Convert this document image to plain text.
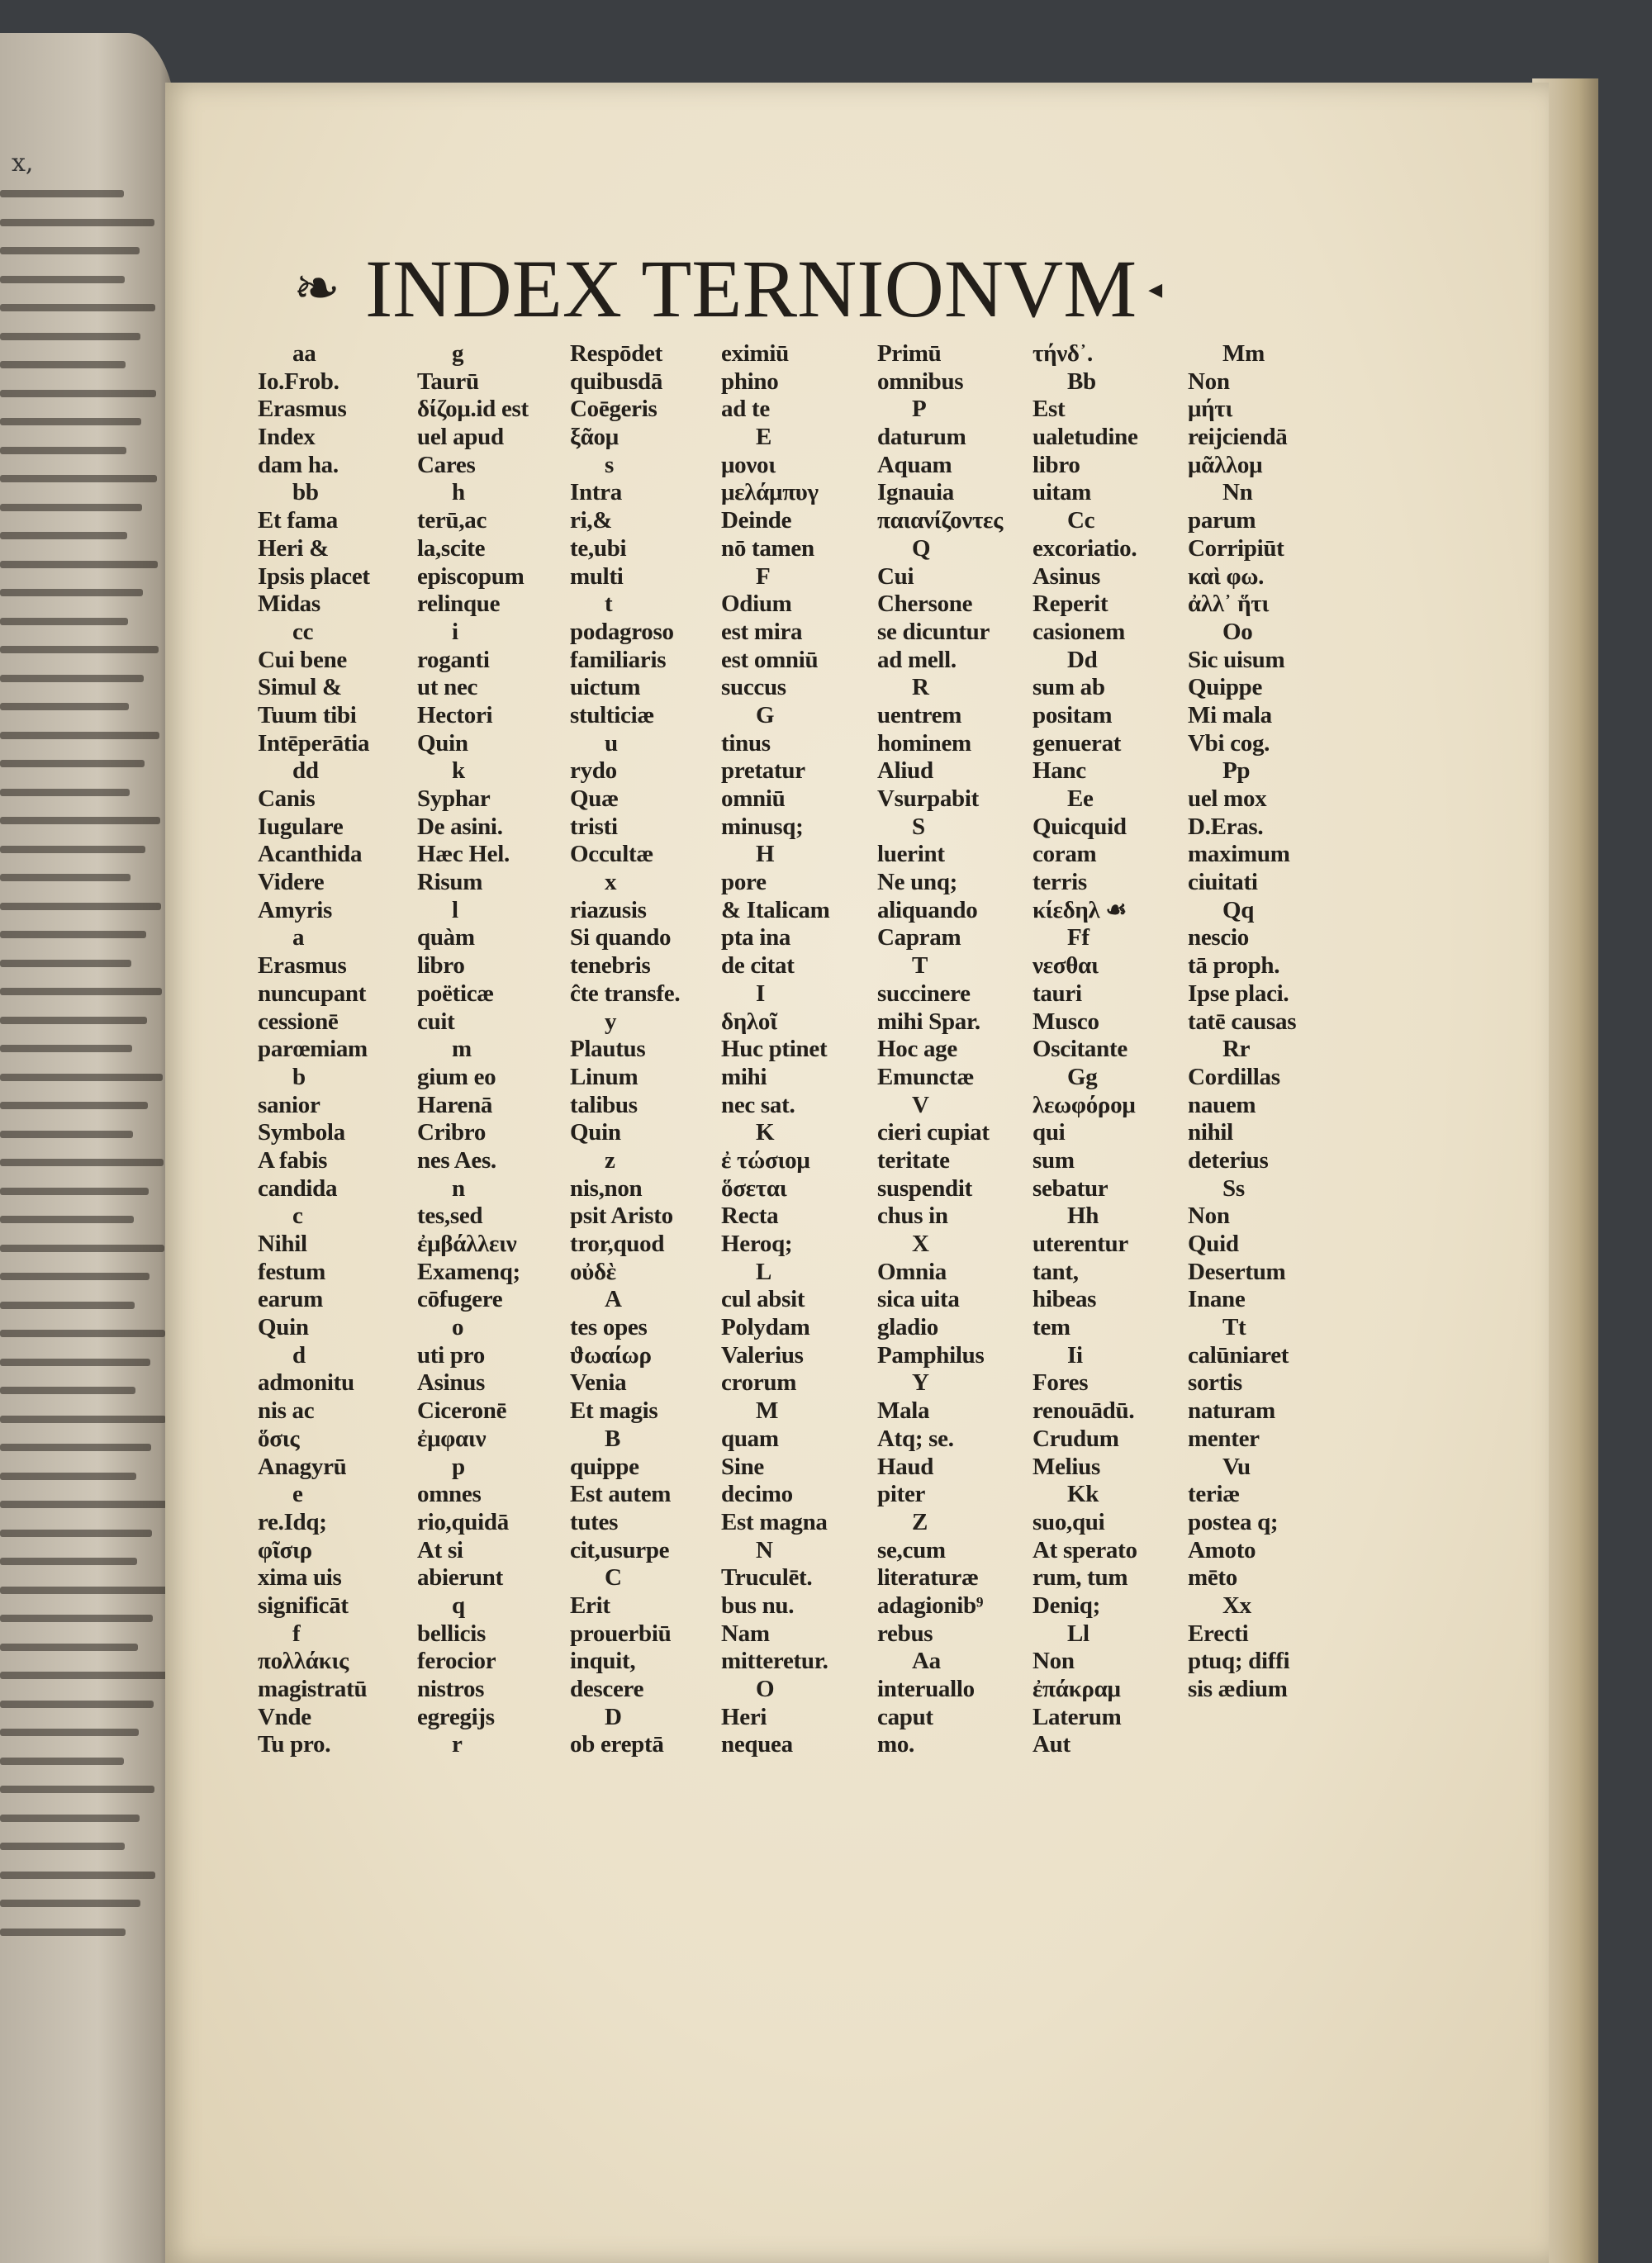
x,
❧ INDEX TERNIONVM ◂
aa
Io.Frob.
Erasmus
Index
dam ha.
bb
Et fama
Heri &
Ipsis placet
Midas
cc
Cui bene
Simul &
Tuum tibi
Intēperātia
dd
Canis
Iugulare
Acanthida
Videre
Amyris
a
Erasmus
nuncupant
cessionē
parœmiam
b
sanior
Symbola
A fabis
candida
c
Nihil
festum
earum
Quin
d
admonitu
nis ac
ὅσις
Anagyrū
e
re.Idq;
φῖσιρ
xima uis
significāt
f
πολλάκις
magistratū
Vnde
Tu pro.
g
Taurū
δίζομ.id est
uel apud
Cares
h
terū,ac
la,scite
episcopum
relinque
i
roganti
ut nec
Hectori
Quin
k
Syphar
De asini.
Hæc Hel.
Risum
l
quàm
libro
poëticæ
cuit
m
gium eo
Harenā
Cribro
nes Aes.
n
tes,sed
ἐμβάλλειν
Examenq;
cōfugere
o
uti pro
Asinus
Ciceronē
ἐμφαιν
p
omnes
rio,quidā
At si
abierunt
q
bellicis
ferocior
nistros
egregijs
r
Respōdet
quibusdā
Coēgeris
ξᾶομ
s
Intra
ri,&
te,ubi
multi
t
podagroso
familiaris
uictum
stulticiæ
u
rydo
Quæ
tristi
Occultæ
x
riazusis
Si quando
tenebris
ĉte transfe.
y
Plautus
Linum
talibus
Quin
z
nis,non
psit Aristo
tror,quod
οὐδὲ
A
tes opes
ϑωαίωρ
Venia
Et magis
B
quippe
Est autem
tutes
cit,usurpe
C
Erit
prouerbiū
inquit,
descere
D
ob ereptā
eximiū
phino
ad te
E
μονοι
μελάμπυγ
Deinde
nō tamen
F
Odium
est mira
est omniū
succus
G
tinus
pretatur
omniū
minusq;
H
pore
& Italicam
pta ina
de citat
I
δηλοῖ
Huc ptinet
mihi
nec sat.
K
ἐ τώσιομ
ὅσεται
Recta
Heroq;
L
cul absit
Polydam
Valerius
crorum
M
quam
Sine
decimo
Est magna
N
Truculēt.
bus nu.
Nam
mitteretur.
O
Heri
nequea
Primū
omnibus
P
daturum
Aquam
Ignauia
παιανίζοντες
Q
Cui
Chersone
se dicuntur
ad mell.
R
uentrem
hominem
Aliud
Vsurpabit
S
luerint
Ne unq;
aliquando
Capram
T
succinere
mihi Spar.
Hoc age
Emunctæ
V
cieri cupiat
teritate
suspendit
chus in
X
Omnia
sica uita
gladio
Pamphilus
Y
Mala
Atq; se.
Haud
piter
Z
se,cum
literaturæ
adagionib⁹
rebus
Aa
interuallo
caput
mo.
τήνδ᾽.
Bb
Est
ualetudine
libro
uitam
Cc
excoriatio.
Asinus
Reperit
casionem
Dd
sum ab
positam
genuerat
Hanc
Ee
Quicquid
coram
terris
κίεδηλ ☙
Ff
νεσθαι
tauri
Musco
Oscitante
Gg
λεωφόρομ
qui
sum
sebatur
Hh
uterentur
tant,
hibeas
tem
Ii
Fores
renouādū.
Crudum
Melius
Kk
suo,qui
At sperato
rum, tum
Deniq;
Ll
Non
ἐπάκραμ
Laterum
Aut
Mm
Non
μήτι
reijciendā
μᾶλλομ
Nn
parum
Corripiūt
καὶ φω.
ἀλλ᾽ ἥτι
Oo
Sic uisum
Quippe
Mi mala
Vbi cog.
Pp
uel mox
D.Eras.
maximum
ciuitati
Qq
nescio
tā proph.
Ipse placi.
tatē causas
Rr
Cordillas
nauem
nihil
deterius
Ss
Non
Quid
Desertum
Inane
Tt
calūniaret
sortis
naturam
menter
Vu
teriæ
postea q;
Amoto
mēto
Xx
Erecti
ptuq; diffi
sis ædium
